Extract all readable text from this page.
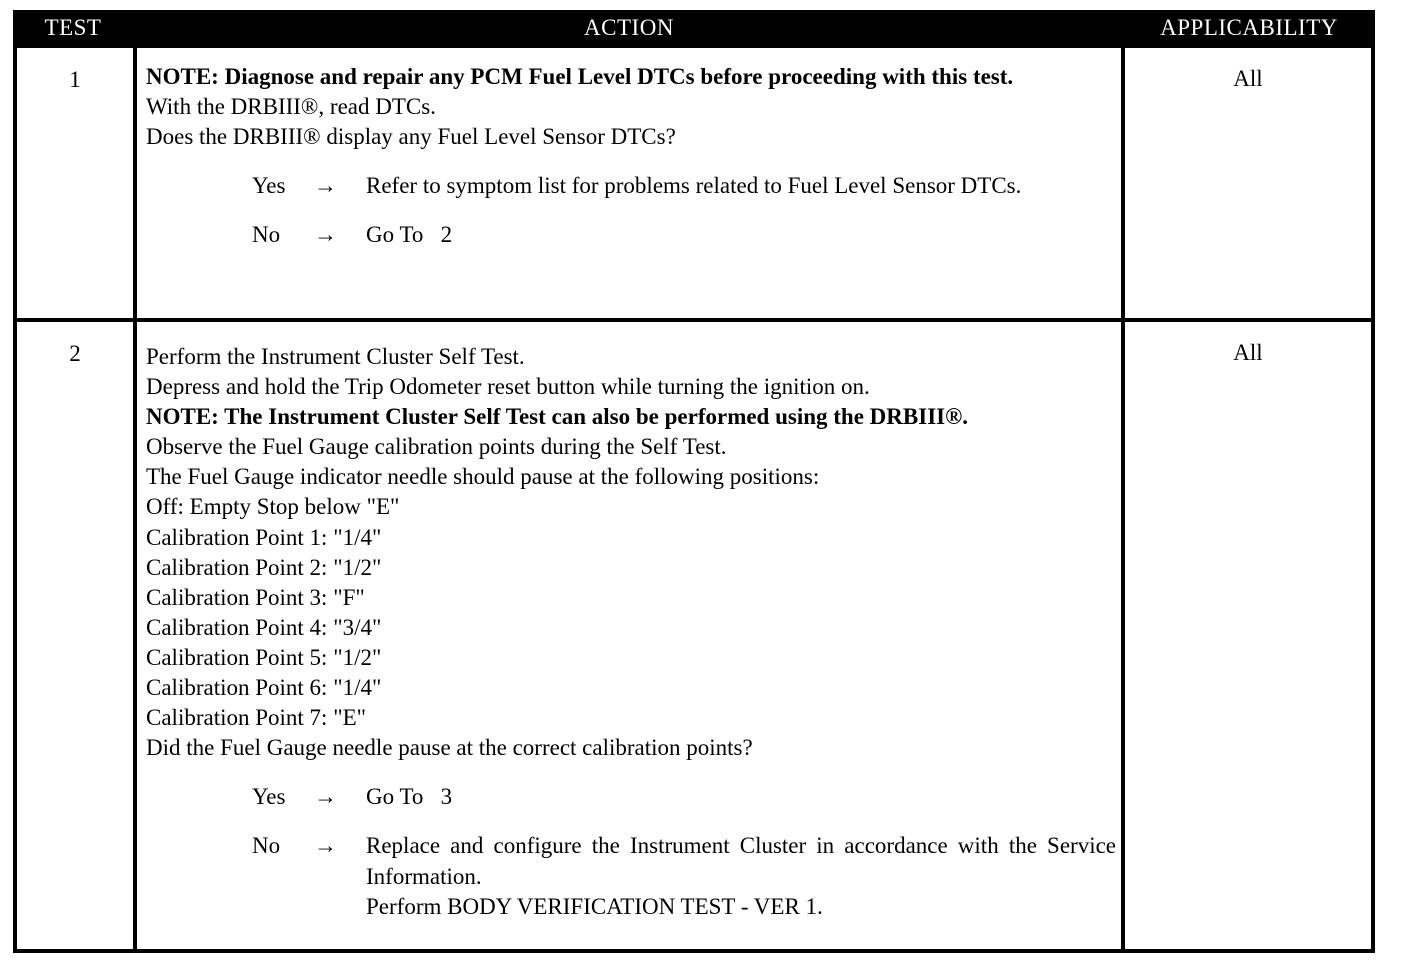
TEST	ACTION	APPLICABILITY
1	NOTE: Diagnose and repair any PCM Fuel Level DTCs before proceeding with this test.
With the DRBIII®, read DTCs.
Does the DRBIII® display any Fuel Level Sensor DTCs?
Yes	→	Refer to symptom list for problems related to Fuel Level Sensor DTCs.
No	→	Go To   2
All
2	Perform the Instrument Cluster Self Test.
Depress and hold the Trip Odometer reset button while turning the ignition on.
NOTE: The Instrument Cluster Self Test can also be performed using the DRBIII®.
Observe the Fuel Gauge calibration points during the Self Test.
The Fuel Gauge indicator needle should pause at the following positions:
Off: Empty Stop below "E"
Calibration Point 1: "1/4"
Calibration Point 2: "1/2"
Calibration Point 3: "F"
Calibration Point 4: "3/4"
Calibration Point 5: "1/2"
Calibration Point 6: "1/4"
Calibration Point 7: "E"
Did the Fuel Gauge needle pause at the correct calibration points?
Yes	→	Go To   3
No	→	Replace and configure the Instrument Cluster in accordance with the Service Information.
Perform BODY VERIFICATION TEST - VER 1.
All
